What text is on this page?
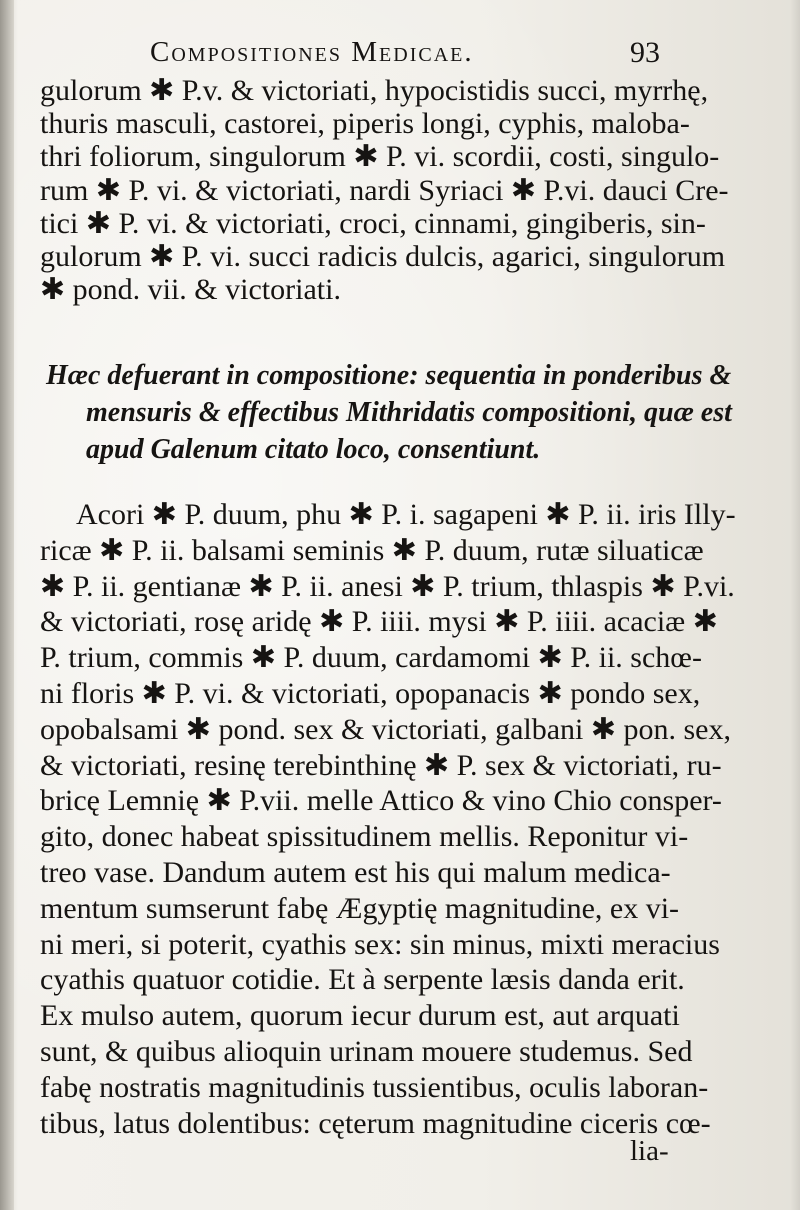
Compositiones Medicae.	93
gulorum ✱ P.v. & victoriati, hypocistidis succi, myrrhę,
thuris masculi, castorei, piperis longi, cyphis, maloba-
thri foliorum, singulorum ✱ P. vi. scordii, costi, singulo-
rum ✱ P. vi. & victoriati, nardi Syriaci ✱ P.vi. dauci Cre-
tici ✱ P. vi. & victoriati, croci, cinnami, gingiberis, sin-
gulorum ✱ P. vi. succi radicis dulcis, agarici, singulorum
✱ pond. vii. & victoriati.
Hæc defuerant in compositione: sequentia in ponderibus &
mensuris & effectibus Mithridatis compositioni, quæ est
apud Galenum citato loco, consentiunt.
Acori ✱ P. duum, phu ✱ P. i. sagapeni ✱ P. ii. iris Illy-
ricæ ✱ P. ii. balsami seminis ✱ P. duum, rutæ siluaticæ
✱ P. ii. gentianæ ✱ P. ii. anesi ✱ P. trium, thlaspis ✱ P.vi.
& victoriati, rosę aridę ✱ P. iiii. mysi ✱ P. iiii. acaciæ ✱
P. trium, commis ✱ P. duum, cardamomi ✱ P. ii. schœ-
ni floris ✱ P. vi. & victoriati, opopanacis ✱ pondo sex,
opobalsami ✱ pond. sex & victoriati, galbani ✱ pon. sex,
& victoriati, resinę terebinthinę ✱ P. sex & victoriati, ru-
bricę Lemnię ✱ P.vii. melle Attico & vino Chio consper-
gito, donec habeat spissitudinem mellis. Reponitur vi-
treo vase. Dandum autem est his qui malum medica-
mentum sumserunt fabę Ægyptię magnitudine, ex vi-
ni meri, si poterit, cyathis sex: sin minus, mixti meracius
cyathis quatuor cotidie. Et à serpente læsis danda erit.
Ex mulso autem, quorum iecur durum est, aut arquati
sunt, & quibus alioquin urinam mouere studemus. Sed
fabę nostratis magnitudinis tussientibus, oculis laboran-
tibus, latus dolentibus: cęterum magnitudine ciceris cœ-
lia-
